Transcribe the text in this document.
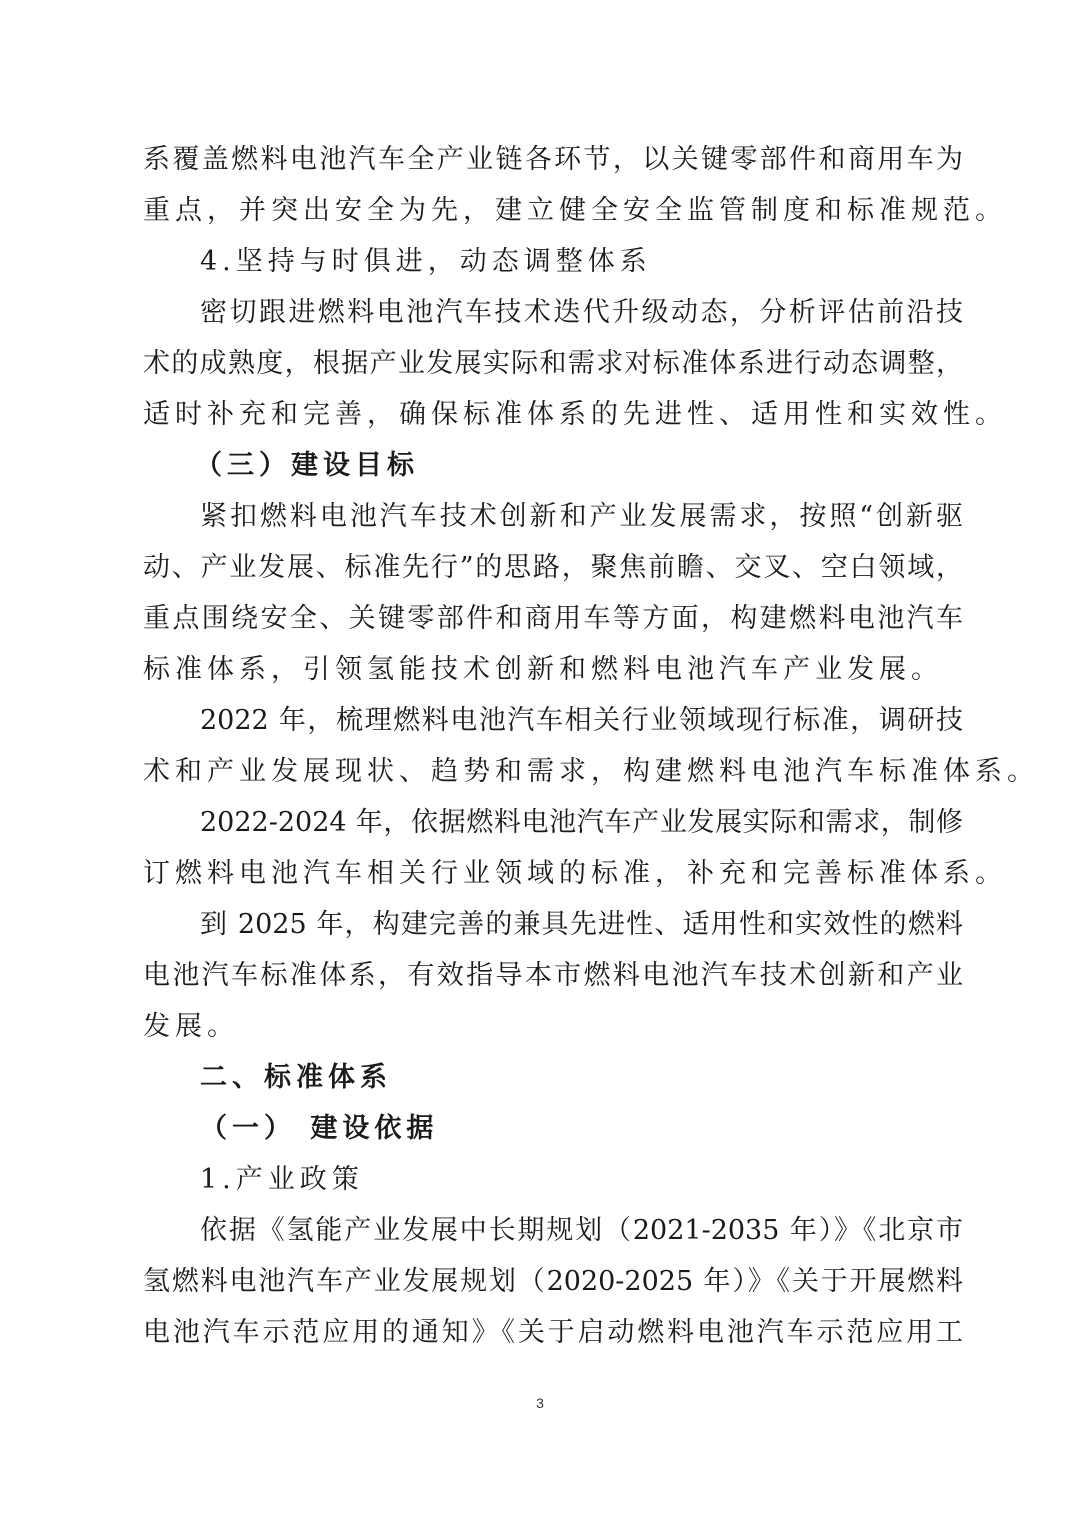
系覆盖燃料电池汽车全产业链各环节，以关键零部件和商用车为
重点，并突出安全为先，建立健全安全监管制度和标准规范。
4.坚持与时俱进，动态调整体系
密切跟进燃料电池汽车技术迭代升级动态，分析评估前沿技
术的成熟度，根据产业发展实际和需求对标准体系进行动态调整，
适时补充和完善，确保标准体系的先进性、适用性和实效性。
（三）建设目标
紧扣燃料电池汽车技术创新和产业发展需求，按照“创新驱
动、产业发展、标准先行”的思路，聚焦前瞻、交叉、空白领域，
重点围绕安全、关键零部件和商用车等方面，构建燃料电池汽车
标准体系，引领氢能技术创新和燃料电池汽车产业发展。
2022 年，梳理燃料电池汽车相关行业领域现行标准，调研技
术和产业发展现状、趋势和需求，构建燃料电池汽车标准体系。
2022-2024 年，依据燃料电池汽车产业发展实际和需求，制修
订燃料电池汽车相关行业领域的标准，补充和完善标准体系。
到 2025 年，构建完善的兼具先进性、适用性和实效性的燃料
电池汽车标准体系，有效指导本市燃料电池汽车技术创新和产业
发展。
二、标准体系
（一） 建设依据
1.产业政策
依据《氢能产业发展中长期规划（2021-2035 年）》《北京市
氢燃料电池汽车产业发展规划（2020-2025 年）》《关于开展燃料
电池汽车示范应用的通知》《关于启动燃料电池汽车示范应用工
3
